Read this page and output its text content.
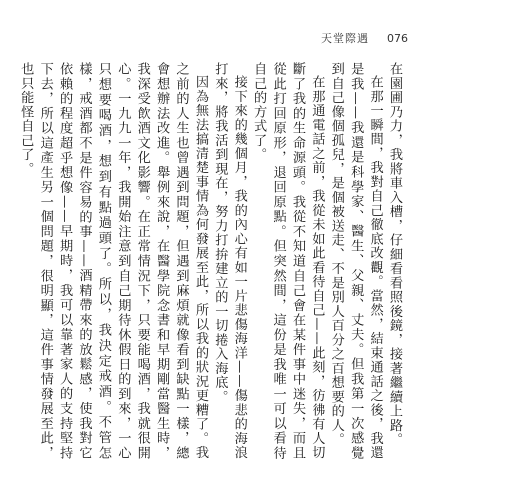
天堂際遇 076

在園圃乃力，我將車入槽，仔細看看照後鏡，接著繼續上路。

在那一瞬間，我對自己徹底改觀。當然，結束通話之後，我還是我——我還是科學家、醫生、父親、丈夫。但我第一次感覺到自己像個孤兒，是個被送走、不是別人百分之百想要的人。

在那通電話之前，我從未如此看待自己——此刻，彷彿有人切斷了我的生命源頭。我從不知道自己會在某件事中迷失，而且從此打回原形，退回原點。但突然間，這份是我唯一可以看待自己的方式了。

接下來的幾個月，我的內心有如一片悲傷海洋——傷悲的海浪打來，將我活到現在，努力打拚建立的一切捲入海底。

因為無法搞清楚事情為何發展至此，所以我的狀況更糟了。我之前的人生也曾遇到問題，但遇到麻煩就像看到缺點一樣，總會想辦法改進。舉例來說，在醫學院念書和早期剛當醫生時，我深受飲酒文化影響。在正常情況下，只要能喝酒，我就很開心。一九九一年，我開始注意到自己期待休假日的到來，一心只想要喝酒，想到有點過頭了。所以，我決定戒酒。不管怎樣，戒酒都不是件容易的事——酒精帶來的放鬆感，使我對它依賴的程度超乎想像——早期時，我可以靠著家人的支持堅持下去，所以這產生另一個問題，很明顯，這件事情發展至此，也只能怪自己了。
